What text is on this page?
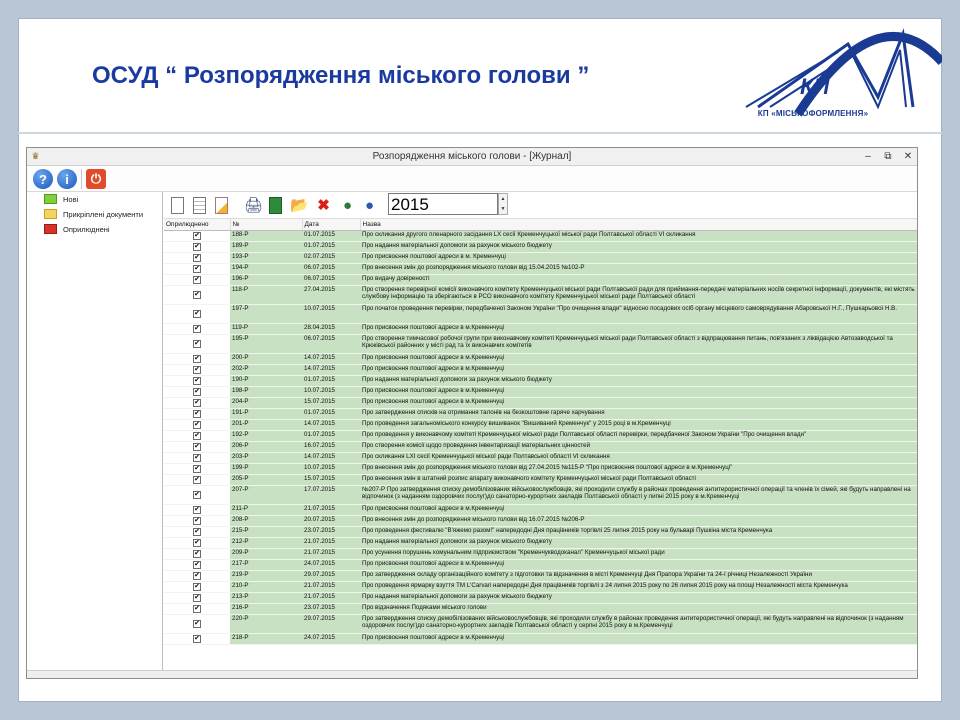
ОСУД “ Розпорядження міського голови ”	КП
КП «МІСЬКОФОРМЛЕННЯ»
♛	Розпорядження міського голови - [Журнал]	– ⧉ ✕
?	i	⏻
Нові
Прикріплені документи
Оприлюднені
🖨 📂 ✖ ● ● 2015	▲
▼
Оприлюднено	№	Дата	Назва
✔	188-Р	01.07.2015	Про скликання другого пленарного засідання LX сесії Кременчуцької міської ради Полтавської області VI скликання
✔	189-Р	01.07.2015	Про надання матеріальної допомоги за рахунок міського бюджету
✔	193-Р	02.07.2015	Про присвоєння поштової адреси в м. Кременчуці
✔	194-Р	06.07.2015	Про внесення змін до розпорядження міського голови від 15.04.2015 №102-Р
✔	196-Р	06.07.2015	Про видачу довіреності
✔	118-Р	27.04.2015	Про створення перевірної комісії виконавчого комітету Кременчуцької міської ради Полтавської ради для приймання-передачі матеріальних носіїв секретної інформації, документів, які містять службову інформацію та зберігаються в РСО виконавчого комітету Кременчуцької міської ради Полтавської області
✔	197-Р	10.07.2015	Про початок проведення перевірки, передбаченої Законом України "Про очищення влади" відносно посадових осіб органу місцевого самоврядування Абаровської Н.Г., Пушкарьової Н.В.
✔	119-Р	28.04.2015	Про присвоєння поштової адреси в м.Кременчуці
✔	195-Р	06.07.2015	Про створення тимчасової робочої групи при виконавчому комітеті Кременчуцької міської ради Полтавської області з відпрацювання питань, пов'язаних з ліквідацією Автозаводської та Крюківської районних у місті рад та їх виконавчих комітетів
✔	200-Р	14.07.2015	Про присвоєння поштової адреси в м.Кременчуці
✔	202-Р	14.07.2015	Про присвоєння поштової адреси в м.Кременчуці
✔	190-Р	01.07.2015	Про надання матеріальної допомоги за рахунок міського бюджету
✔	198-Р	10.07.2015	Про присвоєння поштової адреси в м.Кременчуці
✔	204-Р	15.07.2015	Про присвоєння поштової адреси в м.Кременчуці
✔	191-Р	01.07.2015	Про затвердження списків на отримання талонів на безкоштовне гаряче харчування
✔	201-Р	14.07.2015	Про проведення загальноміського конкурсу вишиванок "Вишиваний Кременчук" у 2015 році в м.Кременчуці
✔	192-Р	01.07.2015	Про проведення у виконавчому комітеті Кременчуцької міської ради Полтавської області перевірки, передбаченої Законом України "Про очищення влади"
✔	206-Р	16.07.2015	Про створення комісії щодо проведення інвентаризації матеріальних цінностей
✔	203-Р	14.07.2015	Про скликання LXI сесії Кременчуцької міської ради Полтавської області VI скликання
✔	199-Р	10.07.2015	Про внесення змін до розпорядження міського голови від 27.04.2015 №115-Р "Про присвоєння поштової адреси в м.Кременчуці"
✔	205-Р	15.07.2015	Про внесення змін в штатний розпис апарату виконавчого комітету Кременчуцької міської ради Полтавської області
✔	207-Р	17.07.2015	№207-Р Про затвердження списку демобілізованих військовослужбовців, які проходили службу в районах проведення антитерористичної операції та членів їх сімей, які будуть направлені на відпочинок (з наданням оздоровчих послуг)до санаторно-курортних закладів Полтавської області у липні 2015 року в м.Кременчуці
✔	211-Р	21.07.2015	Про присвоєння поштової адреси в м.Кременчуці
✔	208-Р	20.07.2015	Про внесення змін до розпорядження міського голови від 16.07.2015 №206-Р
✔	215-Р	23.07.2015	Про проведення фестивалю "В'яжемо разом!" напередодні Дня працівників торгівлі 25 липня 2015 року на бульварі Пушкіна міста Кременчука
✔	212-Р	21.07.2015	Про надання матеріальної допомоги за рахунок міського бюджету
✔	209-Р	21.07.2015	Про усунення порушень комунальним підприємством "Кременчукводоканал" Кременчуцької міської ради
✔	217-Р	24.07.2015	Про присвоєння поштової адреси в м.Кременчуці
✔	219-Р	29.07.2015	Про затвердження складу організаційного комітету з підготовки та відзначення в місті Кременчуці Дня Прапора України та 24-ї річниці Незалежності України
✔	210-Р	21.07.2015	Про проведення ярмарку взуття ТМ L'Carvari напередодні Дня працівників торгівлі з 24 липня 2015 року по 26 липня 2015 року на площі Незалежності міста Кременчука
✔	213-Р	21.07.2015	Про надання матеріальної допомоги за рахунок міського бюджету
✔	216-Р	23.07.2015	Про відзначення Подяками міського голови
✔	220-Р	29.07.2015	Про затвердження списку демобілізованих військовослужбовців, які проходили службу в районах проведення антитерористичної операції, які будуть направлені на відпочинок (з наданням оздоровчих послуг)до санаторно-курортних закладів Полтавської області у серпні 2015 року в м.Кременчуці
✔	218-Р	24.07.2015	Про присвоєння поштової адреси в м.Кременчуці
